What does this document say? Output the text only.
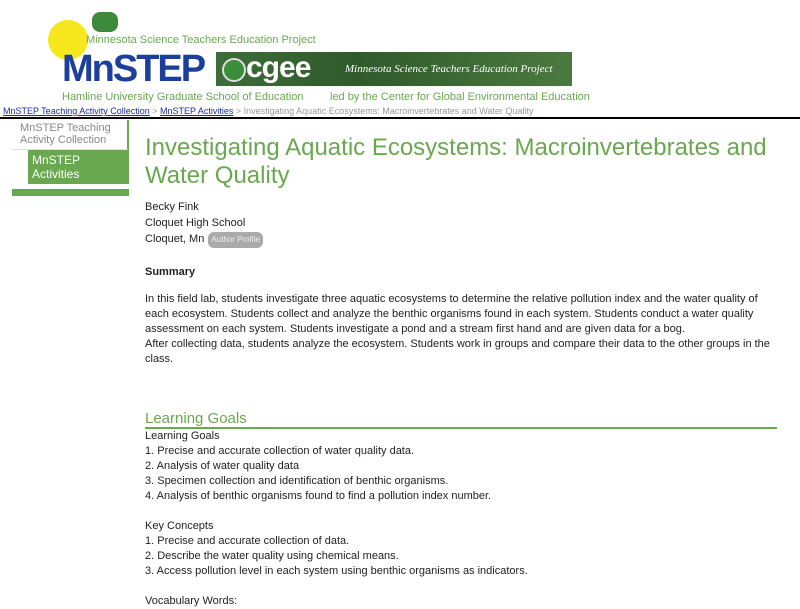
Minnesota Science Teachers Education Project
MnSTEP
Hamline University Graduate School of Education
cgee	Minnesota Science Teachers Education Project
led by the Center for Global Environmental Education
MnSTEP Teaching Activity Collection > MnSTEP Activities > Investigating Aquatic Ecosystems: Macroinvertebrates and Water Quality
MnSTEP Teaching Activity Collection
MnSTEP Activities
Investigating Aquatic Ecosystems: Macroinvertebrates and Water Quality
Becky Fink
Cloquet High School
Cloquet, Mn Author Profile
Summary

In this field lab, students investigate three aquatic ecosystems to determine the relative pollution index and the water quality of each ecosystem. Students collect and analyze the benthic organisms found in each system. Students conduct a water quality assessment on each system. Students investigate a pond and a stream first hand and are given data for a bog.

After collecting data, students analyze the ecosystem. Students work in groups and compare their data to the other groups in the class.

Learning Goals
Learning Goals
1. Precise and accurate collection of water quality data.
2. Analysis of water quality data
3. Specimen collection and identification of benthic organisms.
4. Analysis of benthic organisms found to find a pollution index number.
Key Concepts
1. Precise and accurate collection of data.
2. Describe the water quality using chemical means.
3. Access pollution level in each system using benthic organisms as indicators.
Vocabulary Words:
